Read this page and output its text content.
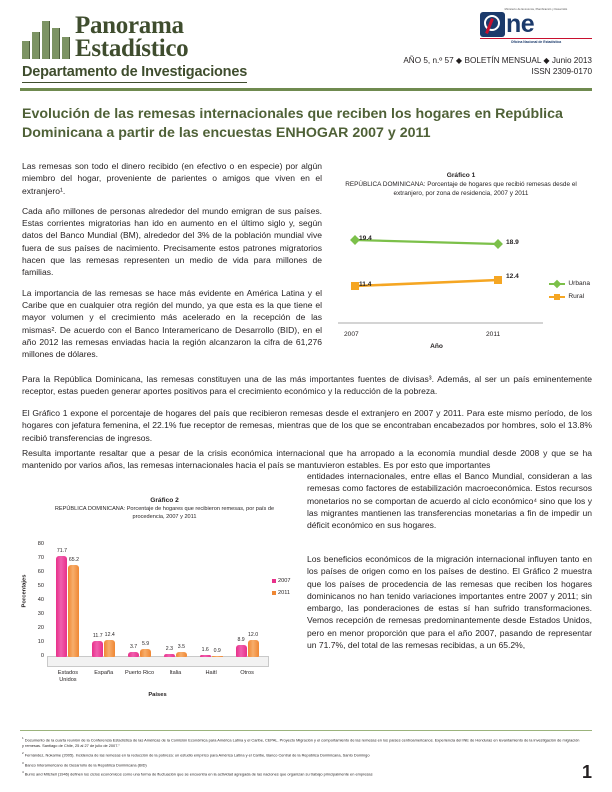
Panorama
Estadístico
Departamento de Investigaciones
Ministerio de Economía, Planificación y Desarrollo
ne
Oficina Nacional de Estadística
AÑO 5, n.º 57 ◆ BOLETÍN MENSUAL ◆ Junio 2013
ISSN 2309-0170
Evolución de las remesas internacionales que reciben los hogares en República Dominicana a partir de las encuestas ENHOGAR 2007 y 2011

Las remesas son todo el dinero recibido (en efectivo o en especie) por algún miembro del hogar, proveniente de parientes o amigos que viven en el extranjero¹.

Cada año millones de personas alrededor del mundo emigran de sus países. Estas corrientes migratorias han ido en aumento en el último siglo y, según datos del Banco Mundial (BM), alrededor del 3% de la población mundial vive fuera de sus países de nacimiento. Precisamente estos patrones migratorios hacen que las remesas representen un medio de vida para millones de familias.

La importancia de las remesas se hace más evidente en América Latina y el Caribe que en cualquier otra región del mundo, ya que esta es la que tiene el mayor volumen y el crecimiento más acelerado en la recepción de las mismas². De acuerdo con el Banco Interamericano de Desarrollo (BID), en el año 2012 las remesas enviadas hacia la región alcanzaron la cifra de 61,276 millones de dólares.

Gráfico 1
REPÚBLICA DOMINICANA: Porcentaje de hogares que recibió remesas desde el extranjero, por zona de residencia, 2007 y 2011
19.4
18.9
11.4
12.4
2007	2011
Año
Urbana
Rural

Para la República Dominicana, las remesas constituyen una de las más importantes fuentes de divisas³. Además, al ser un país eminentemente receptor, estas pueden generar aportes positivos para el crecimiento económico y la reducción de la pobreza.

El Gráfico 1 expone el porcentaje de hogares del país que recibieron remesas desde el extranjero en 2007 y 2011. Para este mismo período, de los hogares con jefatura femenina, el 22.1% fue receptor de remesas, mientras que de los que se encontraban encabezados por hombres, solo el 13.8% recibió transferencias de ingresos.

Resulta importante resaltar que a pesar de la crisis económica internacional que ha arropado a la economía mundial desde 2008 y que se ha mantenido por varios años, las remesas internacionales hacia el país se mantuvieron estables. Es por esto que importantes

entidades internacionales, entre ellas el Banco Mundial, consideran a las remesas como factores de estabilización macroeconómica. Estos recursos monetarios no se comportan de acuerdo al ciclo económico⁴ sino que los y las migrantes mantienen las transferencias monetarias a fin de impedir un déficit económico en sus hogares.

Los beneficios económicos de la migración internacional influyen tanto en los países de origen como en los países de destino. El Gráfico 2 muestra que los países de procedencia de las remesas que reciben los hogares dominicanos no han tenido variaciones importantes entre 2007 y 2011; sin embargo, las ponderaciones de estas sí han sufrido transformaciones. Vemos recepción de remesas predominantemente desde Estados Unidos, pero en menor proporción que para el año 2007, pasando de representar un 71.7%, del total de las remesas recibidas, a un 65.2%,

Gráfico 2
REPÚBLICA DOMINICANA: Porcentaje de hogares que recibieron remesas, por país de procedencia, 2007 y 2011
Porcentajes
80
70
60
50
40
30
20
10
0
71.7
65.2
11.7 12.4
3.7
5.9
2.3 3.5	1.6 0.9
8.9
12.0
Estados Unidos
España	Puerto Rico	Italia	Haití	Otros
Países
2007
2011
$^1$ Documento de la cuarta reunión de la Conferencia Estadística de las Américas de la Comisión Económica para América Latina y el Caribe, CEPAL. Proyecto Migración y el comportamiento de las remesas en los países centroamericanos. Experiencia del INE de Honduras en levantamiento de la investigación de migración y remesas. Santiago de Chile, 25 al 27 de julio de 2007.”
$^2$ Fernández, Nokarine (2005). Incidencia de las remesas en la reducción de la pobreza: un estudio empírico para América Latina y el Caribe, Banco Central de la República Dominicana, Santo Domingo
$^3$ Banco Interamericano de Desarrollo de la República Dominicana (BID)
$^4$ Burns and Mitchell (1946) definen los ciclos económicos como una forma de fluctuación que se encuentra en la actividad agregada de las naciones que organizan su trabajo principalmente en empresas	1
